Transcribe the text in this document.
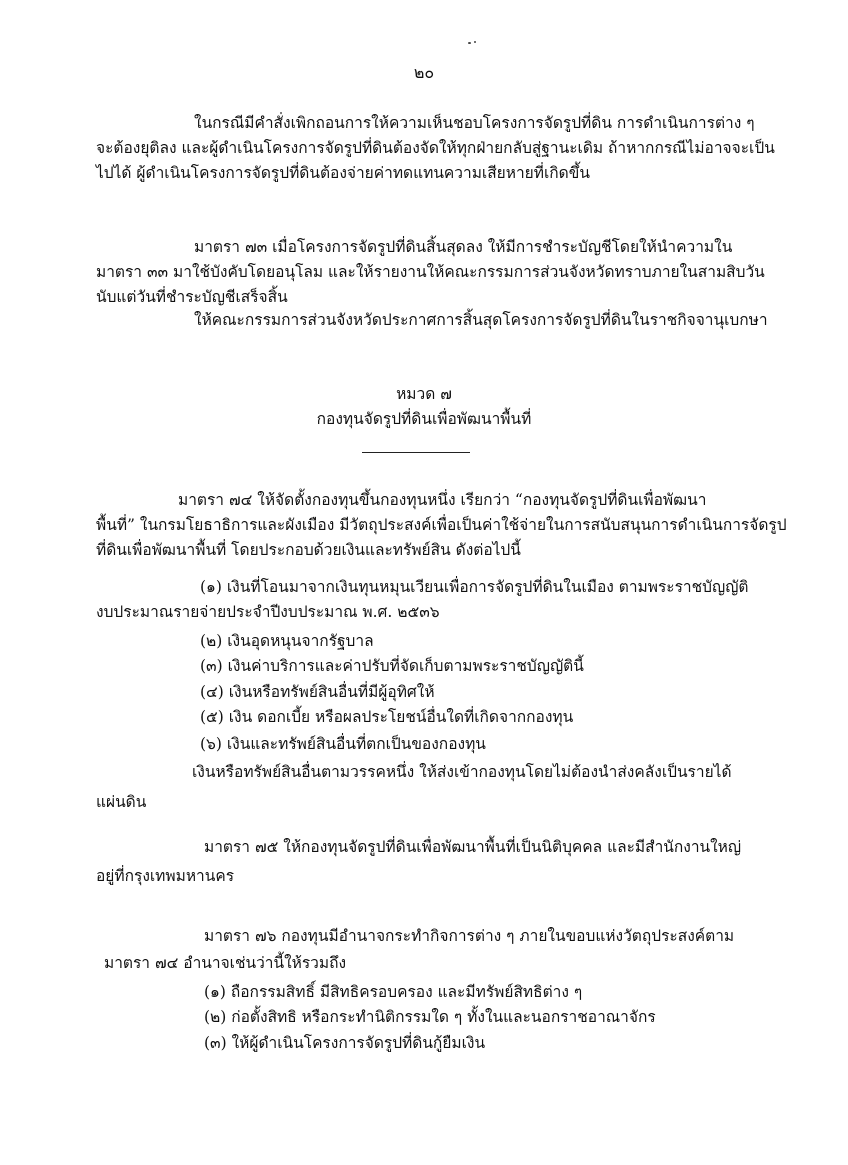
๒๐
ในกรณีมีคำสั่งเพิกถอนการให้ความเห็นชอบโครงการจัดรูปที่ดิน การดำเนินการต่าง ๆ
จะต้องยุติลง และผู้ดำเนินโครงการจัดรูปที่ดินต้องจัดให้ทุกฝ่ายกลับสู่ฐานะเดิม ถ้าหากกรณีไม่อาจจะเป็น
ไปได้ ผู้ดำเนินโครงการจัดรูปที่ดินต้องจ่ายค่าทดแทนความเสียหายที่เกิดขึ้น
มาตรา ๗๓ เมื่อโครงการจัดรูปที่ดินสิ้นสุดลง ให้มีการชำระบัญชีโดยให้นำความใน
มาตรา ๓๓ มาใช้บังคับโดยอนุโลม และให้รายงานให้คณะกรรมการส่วนจังหวัดทราบภายในสามสิบวัน
นับแต่วันที่ชำระบัญชีเสร็จสิ้น
ให้คณะกรรมการส่วนจังหวัดประกาศการสิ้นสุดโครงการจัดรูปที่ดินในราชกิจจานุเบกษา
หมวด ๗
กองทุนจัดรูปที่ดินเพื่อพัฒนาพื้นที่
มาตรา ๗๔ ให้จัดตั้งกองทุนขึ้นกองทุนหนึ่ง เรียกว่า “กองทุนจัดรูปที่ดินเพื่อพัฒนา
พื้นที่” ในกรมโยธาธิการและผังเมือง มีวัตถุประสงค์เพื่อเป็นค่าใช้จ่ายในการสนับสนุนการดำเนินการจัดรูป
ที่ดินเพื่อพัฒนาพื้นที่ โดยประกอบด้วยเงินและทรัพย์สิน ดังต่อไปนี้
(๑) เงินที่โอนมาจากเงินทุนหมุนเวียนเพื่อการจัดรูปที่ดินในเมือง ตามพระราชบัญญัติ
งบประมาณรายจ่ายประจำปีงบประมาณ พ.ศ. ๒๕๓๖
(๒) เงินอุดหนุนจากรัฐบาล
(๓) เงินค่าบริการและค่าปรับที่จัดเก็บตามพระราชบัญญัตินี้
(๔) เงินหรือทรัพย์สินอื่นที่มีผู้อุทิศให้
(๕) เงิน ดอกเบี้ย หรือผลประโยชน์อื่นใดที่เกิดจากกองทุน
(๖) เงินและทรัพย์สินอื่นที่ตกเป็นของกองทุน
เงินหรือทรัพย์สินอื่นตามวรรคหนึ่ง ให้ส่งเข้ากองทุนโดยไม่ต้องนำส่งคลังเป็นรายได้
แผ่นดิน
มาตรา ๗๕ ให้กองทุนจัดรูปที่ดินเพื่อพัฒนาพื้นที่เป็นนิติบุคคล และมีสำนักงานใหญ่
อยู่ที่กรุงเทพมหานคร
มาตรา ๗๖ กองทุนมีอำนาจกระทำกิจการต่าง ๆ ภายในขอบแห่งวัตถุประสงค์ตาม
มาตรา ๗๔ อำนาจเช่นว่านี้ให้รวมถึง
(๑) ถือกรรมสิทธิ์ มีสิทธิครอบครอง และมีทรัพย์สิทธิต่าง ๆ
(๒) ก่อตั้งสิทธิ หรือกระทำนิติกรรมใด ๆ ทั้งในและนอกราชอาณาจักร
(๓) ให้ผู้ดำเนินโครงการจัดรูปที่ดินกู้ยืมเงิน
